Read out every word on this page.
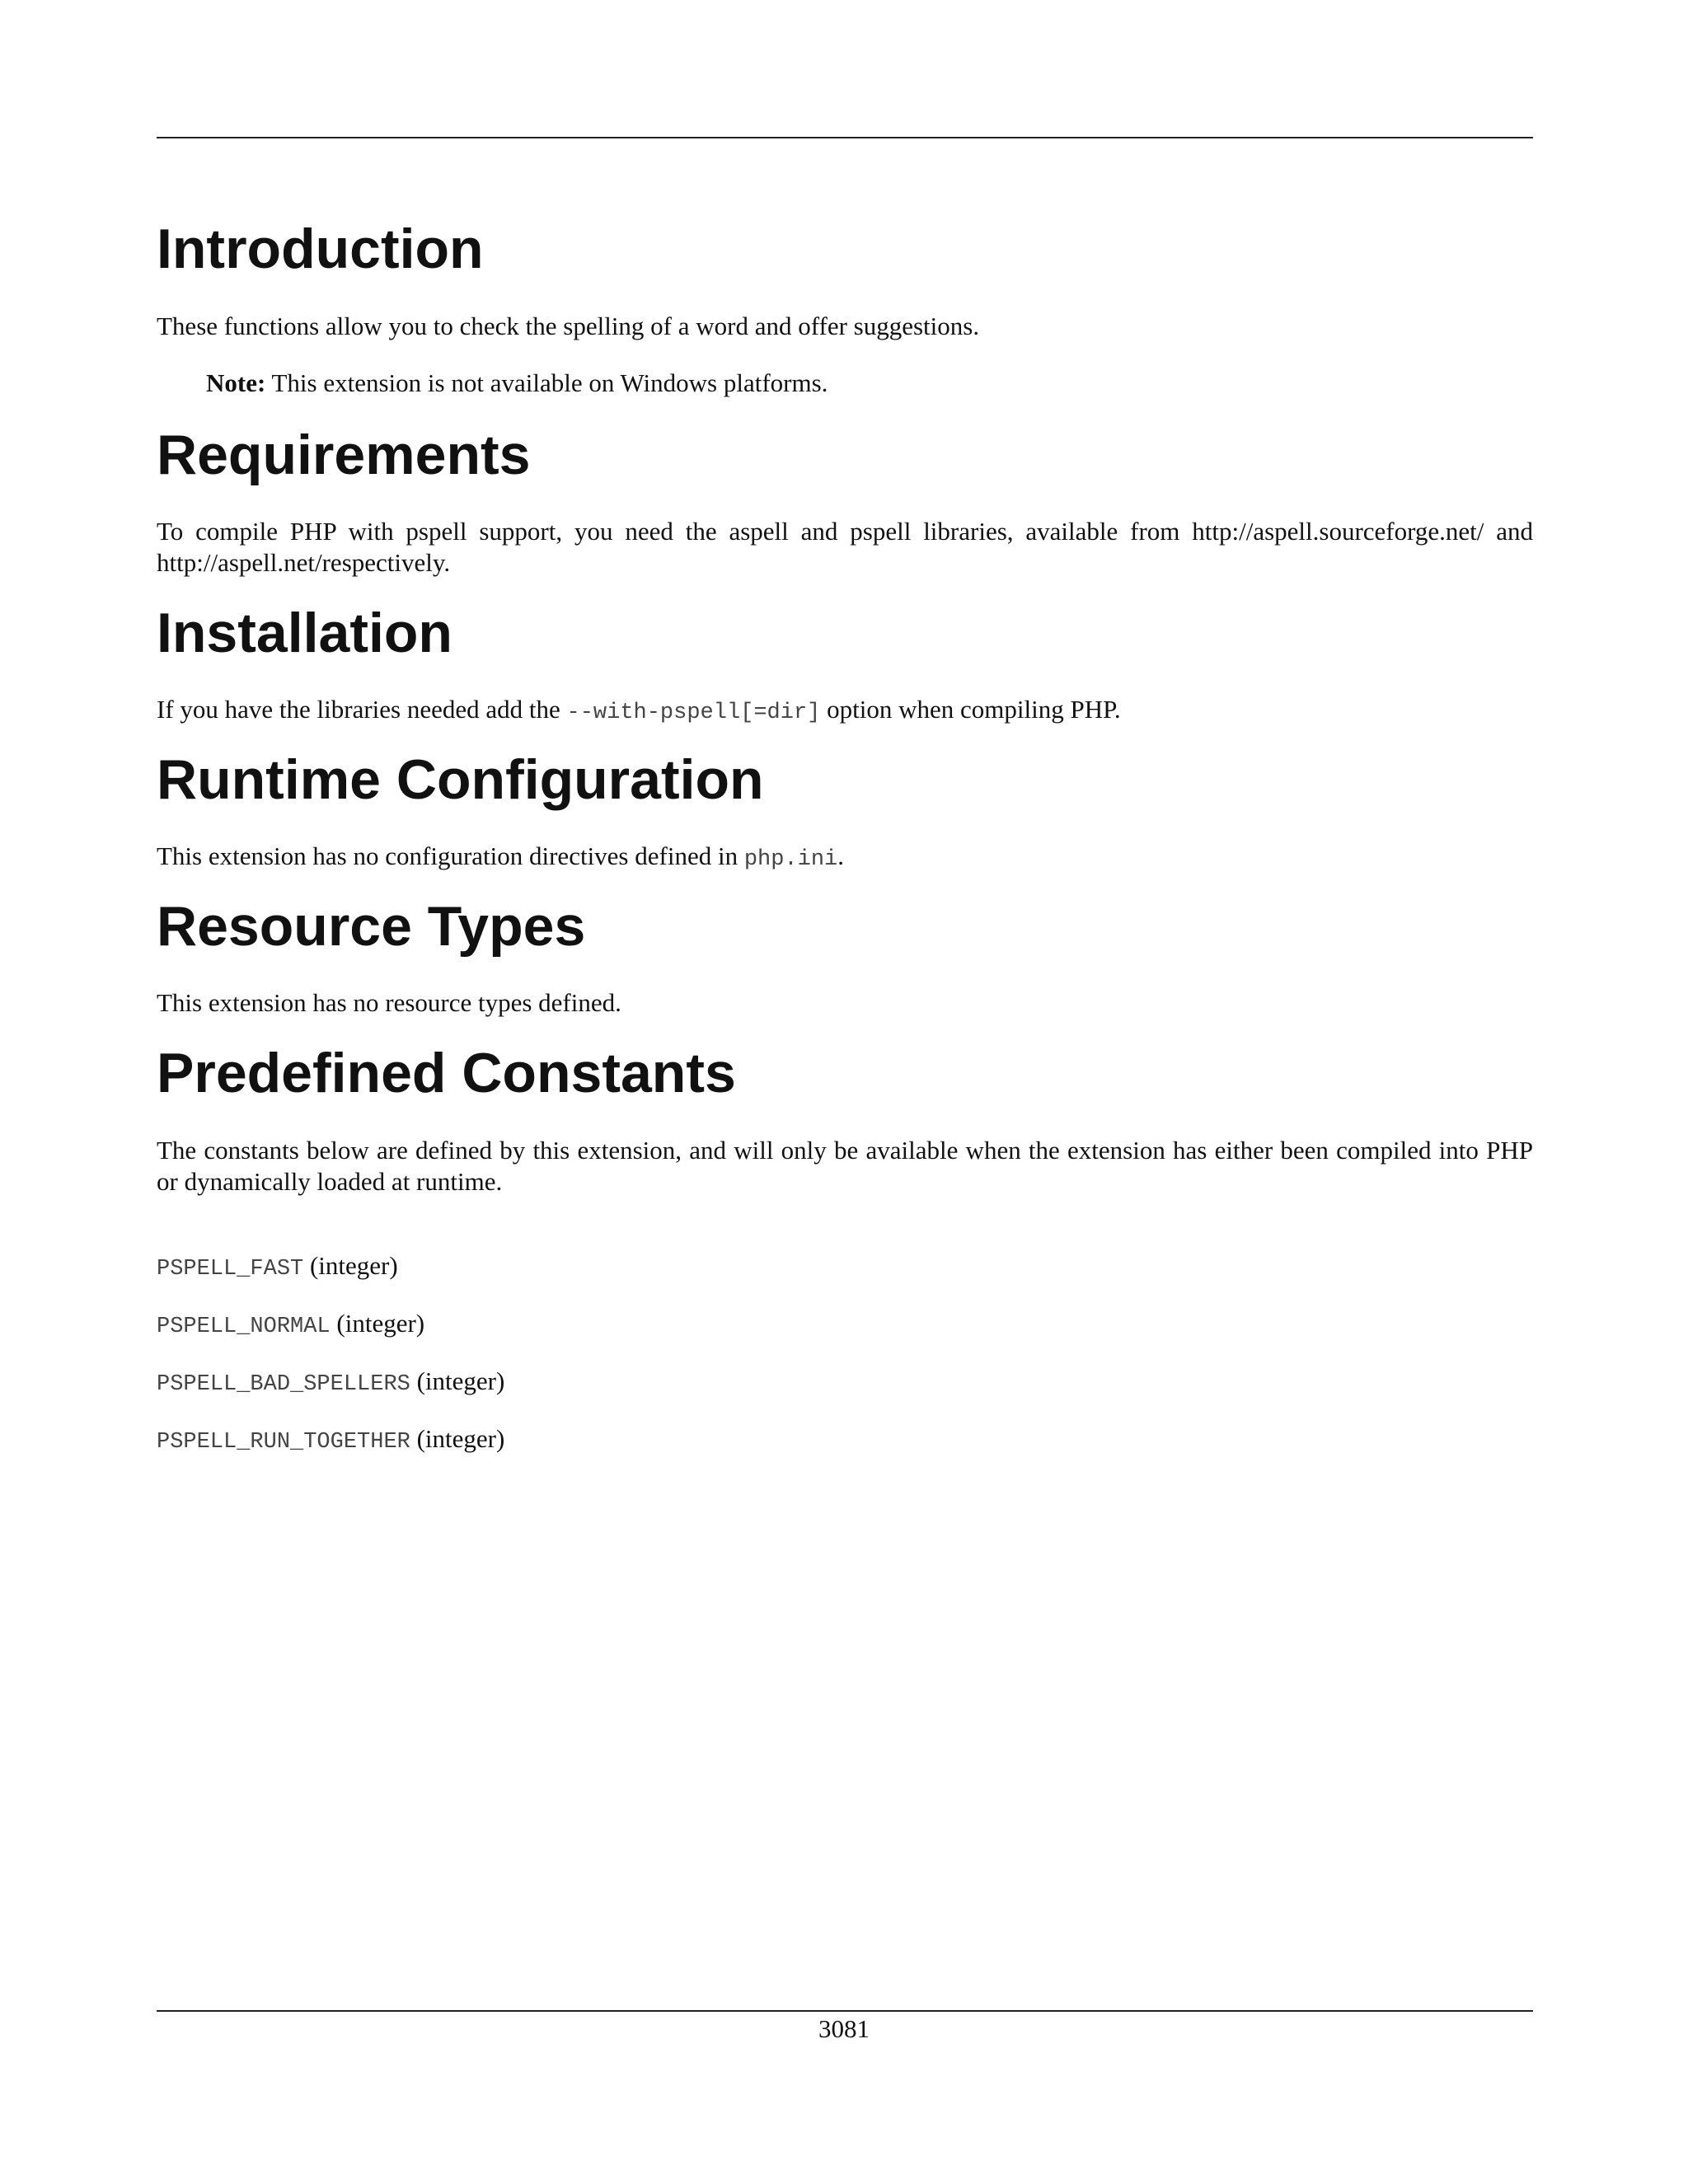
Introduction

These functions allow you to check the spelling of a word and offer suggestions.

Note: This extension is not available on Windows platforms.

Requirements

To compile PHP with pspell support, you need the aspell and pspell libraries, available from http://aspell.sourceforge.net/ and http://aspell.net/respectively.

Installation

If you have the libraries needed add the --with-pspell[=dir] option when compiling PHP.

Runtime Configuration

This extension has no configuration directives defined in php.ini.

Resource Types

This extension has no resource types defined.

Predefined Constants

The constants below are defined by this extension, and will only be available when the extension has either been compiled into PHP or dynamically loaded at runtime.

PSPELL_FAST (integer)
PSPELL_NORMAL (integer)
PSPELL_BAD_SPELLERS (integer)
PSPELL_RUN_TOGETHER (integer)
3081
